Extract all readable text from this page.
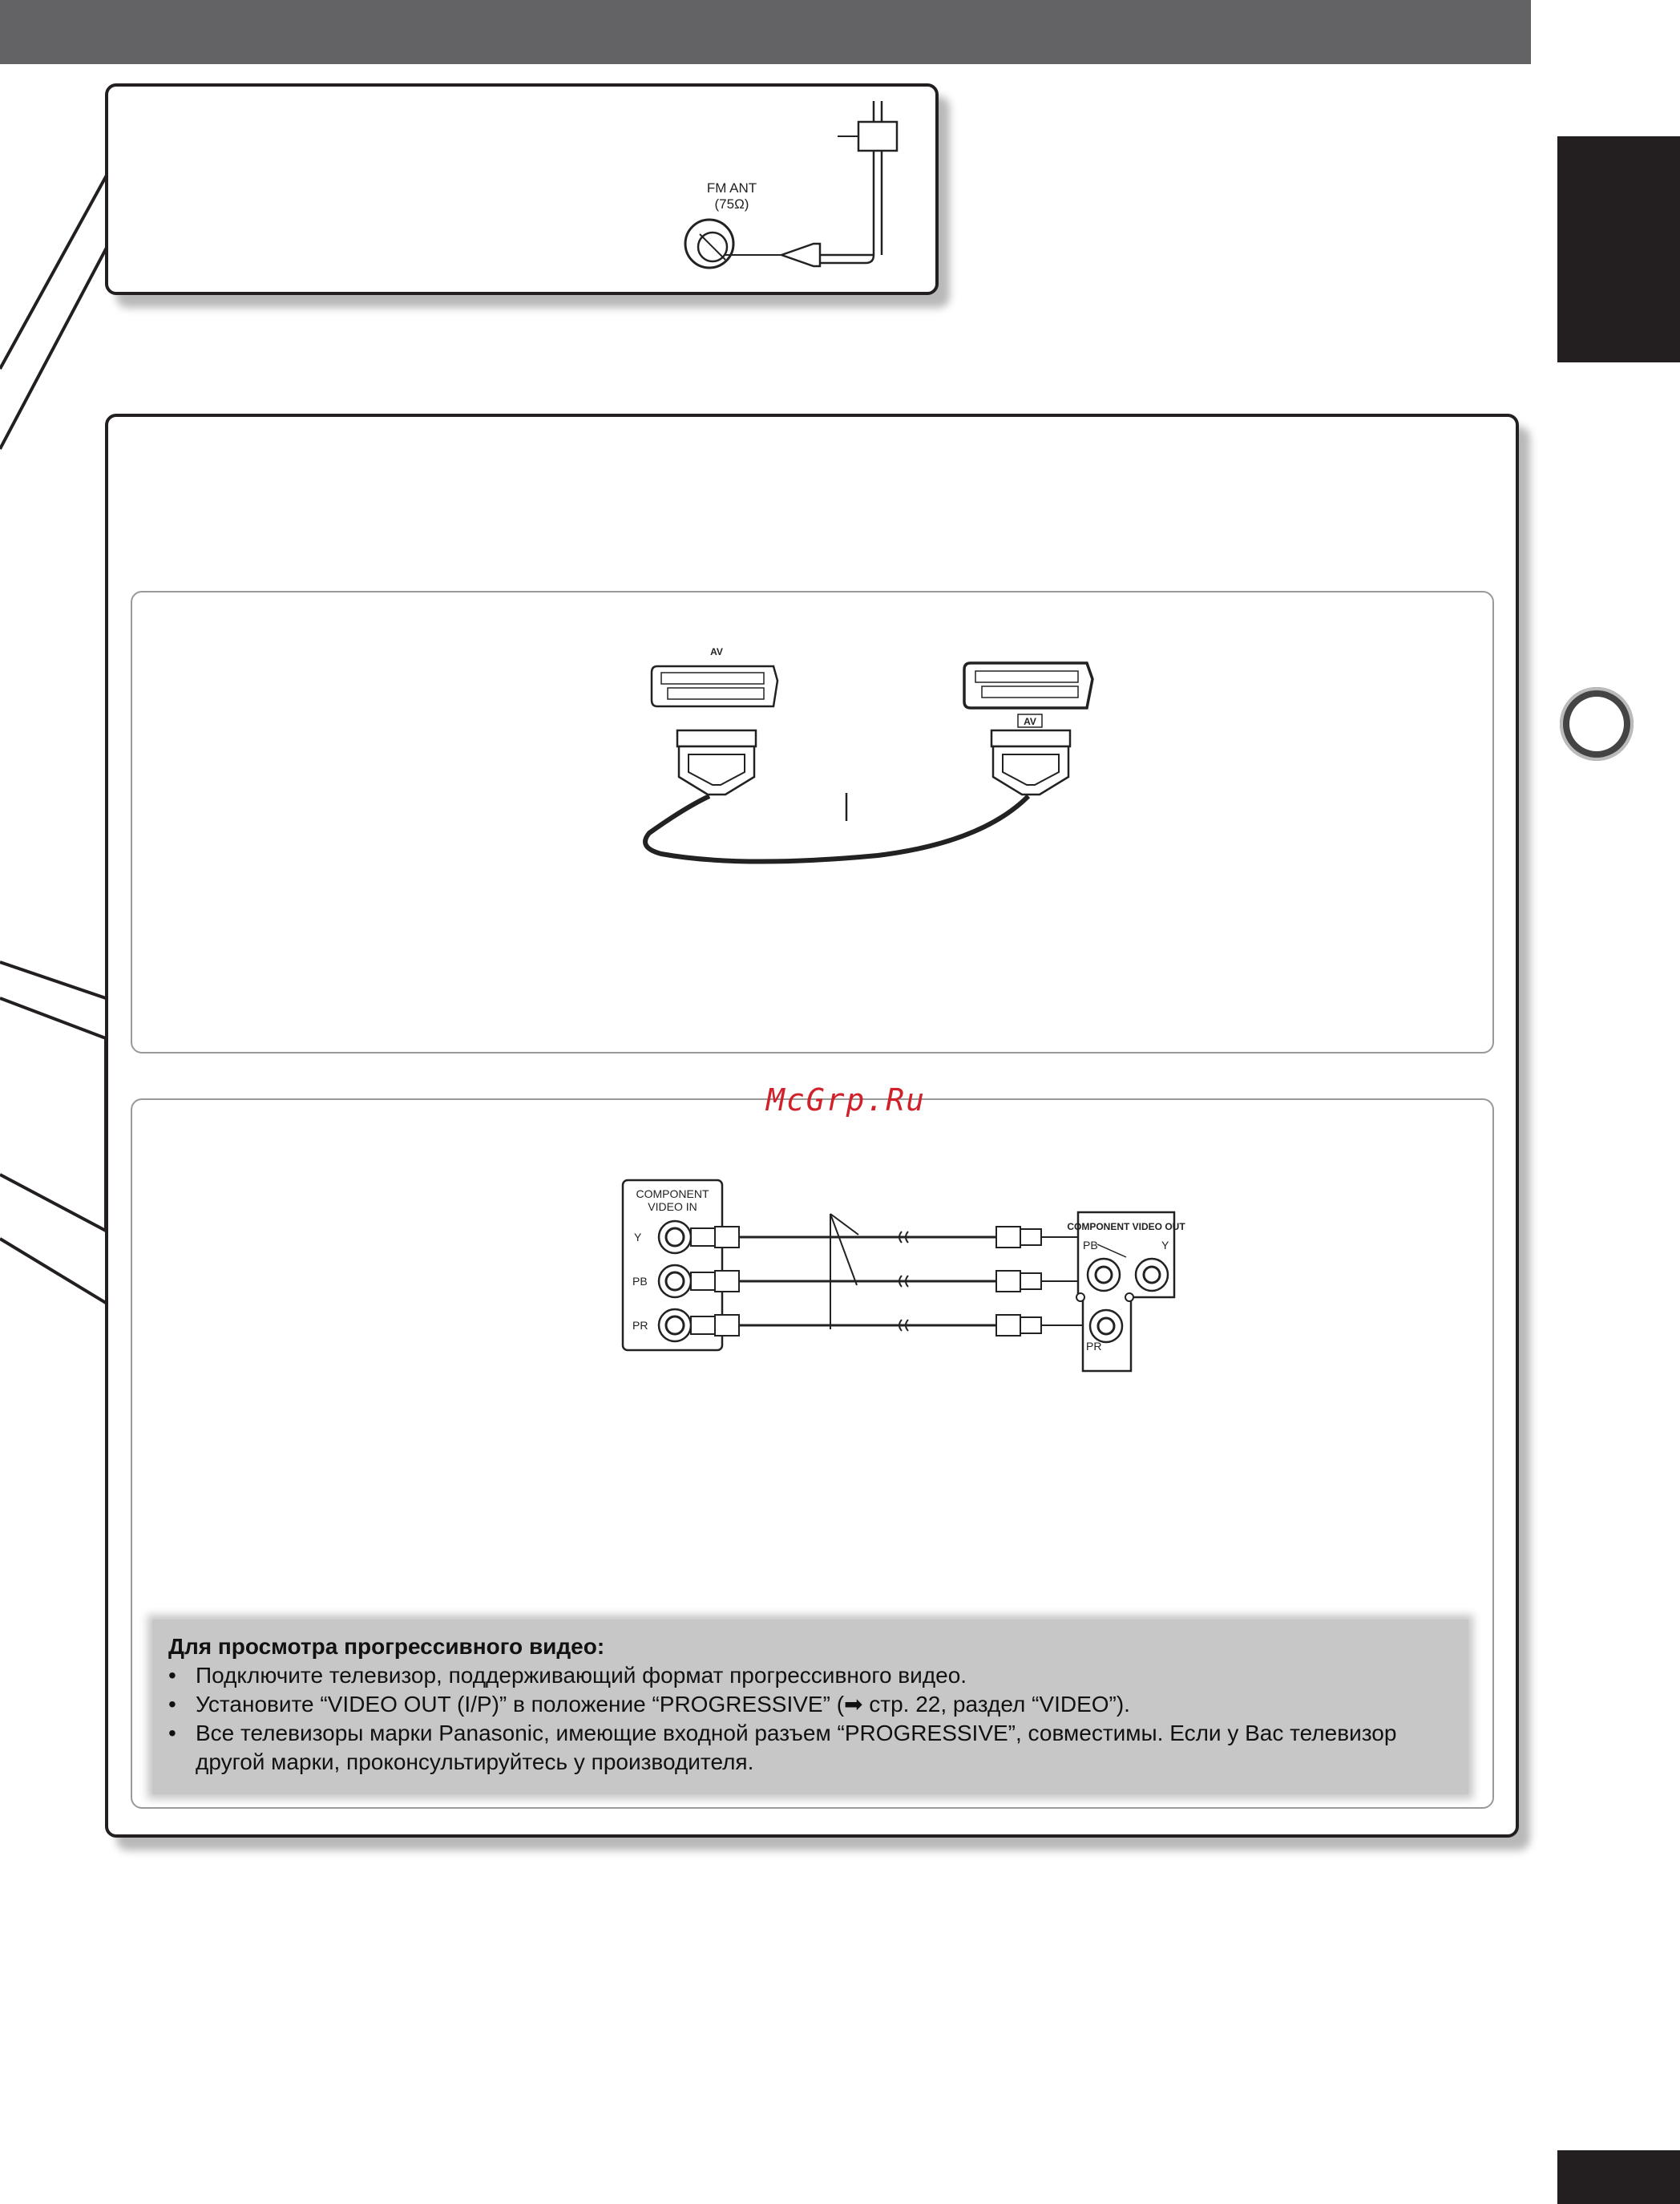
FM ANT
(75Ω)
AV
AV
COMPONENT
VIDEO IN
Y
PB
PR
COMPONENT VIDEO OUT
PB	Y
PR
McGrp.Ru
Для просмотра прогрессивного видео:
• Подключите телевизор, поддерживающий формат прогрессивного видео.
• Установите “VIDEO OUT (I/P)” в положение “PROGRESSIVE” (➡ стр. 22, раздел “VIDEO”).
• Все телевизоры марки Panasonic, имеющие входной разъем “PROGRESSIVE”, совместимы. Если у Вас телевизор другой марки, проконсультируйтесь у производителя.
